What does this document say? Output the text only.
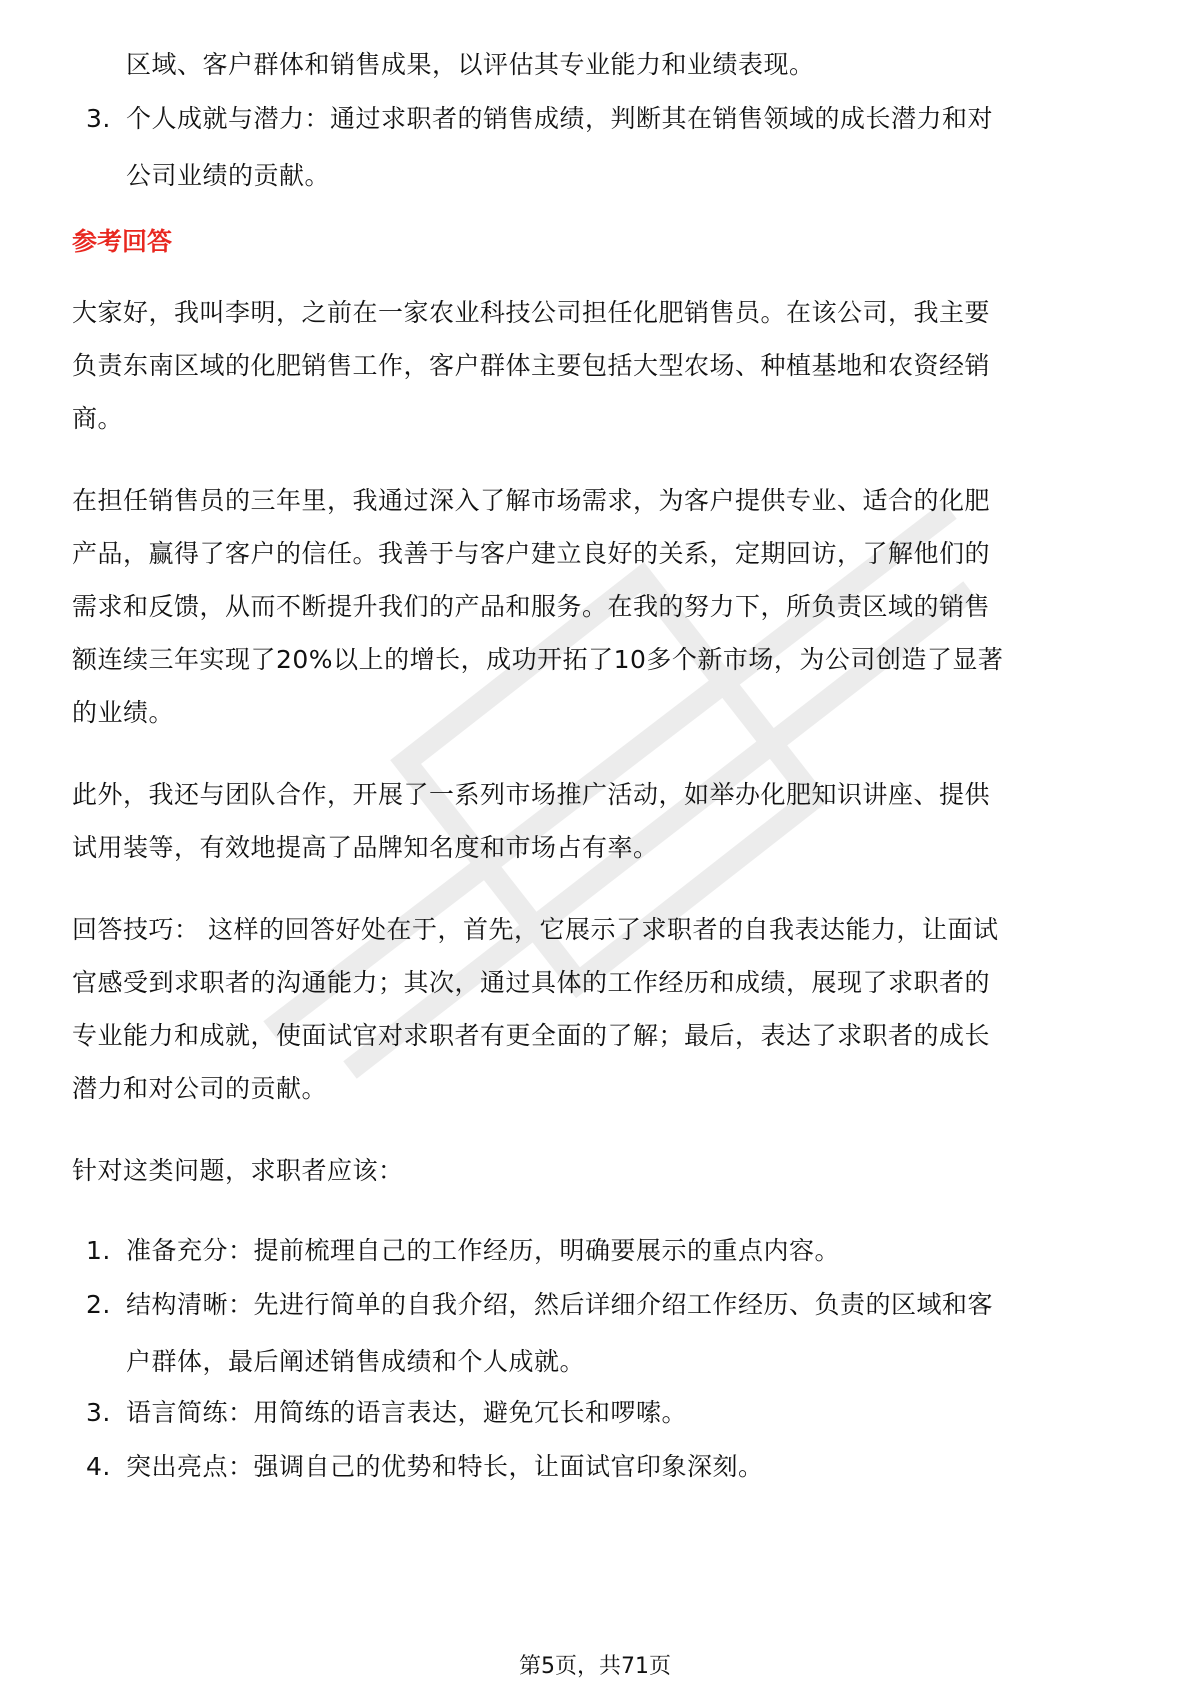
区域、客户群体和销售成果，以评估其专业能力和业绩表现。

3. 个人成就与潜力：通过求职者的销售成绩，判断其在销售领域的成长潜力和对
公司业绩的贡献。
参考回答

大家好，我叫李明，之前在一家农业科技公司担任化肥销售员。在该公司，我主要

负责东南区域的化肥销售工作，客户群体主要包括大型农场、种植基地和农资经销

商。

在担任销售员的三年里，我通过深入了解市场需求，为客户提供专业、适合的化肥

产品，赢得了客户的信任。我善于与客户建立良好的关系，定期回访，了解他们的

需求和反馈，从而不断提升我们的产品和服务。在我的努力下，所负责区域的销售

额连续三年实现了20%以上的增长，成功开拓了10多个新市场，为公司创造了显著

的业绩。

此外，我还与团队合作，开展了一系列市场推广活动，如举办化肥知识讲座、提供

试用装等，有效地提高了品牌知名度和市场占有率。

回答技巧： 这样的回答好处在于，首先，它展示了求职者的自我表达能力，让面试

官感受到求职者的沟通能力；其次，通过具体的工作经历和成绩，展现了求职者的

专业能力和成就，使面试官对求职者有更全面的了解；最后，表达了求职者的成长

潜力和对公司的贡献。

针对这类问题，求职者应该：

1. 准备充分：提前梳理自己的工作经历，明确要展示的重点内容。
2. 结构清晰：先进行简单的自我介绍，然后详细介绍工作经历、负责的区域和客
户群体，最后阐述销售成绩和个人成就。
3. 语言简练：用简练的语言表达，避免冗长和啰嗦。
4. 突出亮点：强调自己的优势和特长，让面试官印象深刻。
第5页，共71页
